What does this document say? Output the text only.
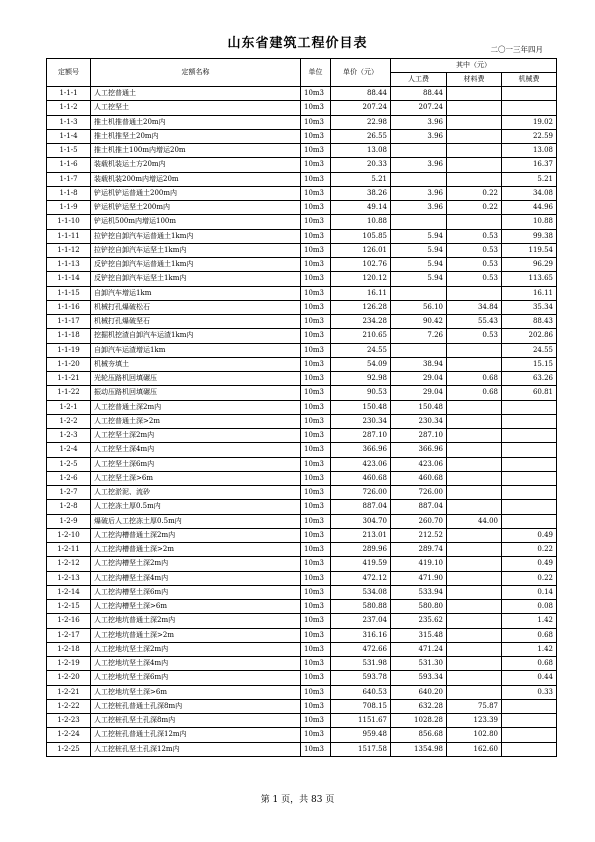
山东省建筑工程价目表	二〇一三年四月
定额号	定额名称	单位	单价（元）	其中（元）		
				人工费	材料费	机械费
1-1-1	人工挖普通土	10m3	88.44	88.44		
1-1-2	人工挖坚土	10m3	207.24	207.24		
1-1-3	推土机推普通土20m内	10m3	22.98	3.96		19.02
1-1-4	推土机推坚土20m内	10m3	26.55	3.96		22.59
1-1-5	推土机推土100m内增运20m	10m3	13.08			13.08
1-1-6	装载机装运土方20m内	10m3	20.33	3.96		16.37
1-1-7	装载机装200m内增运20m	10m3	5.21			5.21
1-1-8	铲运机铲运普通土200m内	10m3	38.26	3.96	0.22	34.08
1-1-9	铲运机铲运坚土200m内	10m3	49.14	3.96	0.22	44.96
1-1-10	铲运机500m内增运100m	10m3	10.88			10.88
1-1-11	拉铲挖自卸汽车运普通土1km内	10m3	105.85	5.94	0.53	99.38
1-1-12	拉铲挖自卸汽车运坚土1km内	10m3	126.01	5.94	0.53	119.54
1-1-13	反铲挖自卸汽车运普通土1km内	10m3	102.76	5.94	0.53	96.29
1-1-14	反铲挖自卸汽车运坚土1km内	10m3	120.12	5.94	0.53	113.65
1-1-15	自卸汽车增运1km	10m3	16.11			16.11
1-1-16	机械打孔爆破松石	10m3	126.28	56.10	34.84	35.34
1-1-17	机械打孔爆破坚石	10m3	234.28	90.42	55.43	88.43
1-1-18	挖掘机挖渣自卸汽车运渣1km内	10m3	210.65	7.26	0.53	202.86
1-1-19	自卸汽车运渣增运1km	10m3	24.55			24.55
1-1-20	机械夯填土	10m3	54.09	38.94		15.15
1-1-21	光轮压路机回填碾压	10m3	92.98	29.04	0.68	63.26
1-1-22	振动压路机回填碾压	10m3	90.53	29.04	0.68	60.81
1-2-1	人工挖普通土深2m内	10m3	150.48	150.48		
1-2-2	人工挖普通土深>2m	10m3	230.34	230.34		
1-2-3	人工挖坚土深2m内	10m3	287.10	287.10		
1-2-4	人工挖坚土深4m内	10m3	366.96	366.96		
1-2-5	人工挖坚土深6m内	10m3	423.06	423.06		
1-2-6	人工挖坚土深>6m	10m3	460.68	460.68		
1-2-7	人工挖淤泥、流砂	10m3	726.00	726.00		
1-2-8	人工挖冻土厚0.5m内	10m3	887.04	887.04		
1-2-9	爆破后人工挖冻土厚0.5m内	10m3	304.70	260.70	44.00	
1-2-10	人工挖沟槽普通土深2m内	10m3	213.01	212.52		0.49
1-2-11	人工挖沟槽普通土深>2m	10m3	289.96	289.74		0.22
1-2-12	人工挖沟槽坚土深2m内	10m3	419.59	419.10		0.49
1-2-13	人工挖沟槽坚土深4m内	10m3	472.12	471.90		0.22
1-2-14	人工挖沟槽坚土深6m内	10m3	534.08	533.94		0.14
1-2-15	人工挖沟槽坚土深>6m	10m3	580.88	580.80		0.08
1-2-16	人工挖地坑普通土深2m内	10m3	237.04	235.62		1.42
1-2-17	人工挖地坑普通土深>2m	10m3	316.16	315.48		0.68
1-2-18	人工挖地坑坚土深2m内	10m3	472.66	471.24		1.42
1-2-19	人工挖地坑坚土深4m内	10m3	531.98	531.30		0.68
1-2-20	人工挖地坑坚土深6m内	10m3	593.78	593.34		0.44
1-2-21	人工挖地坑坚土深>6m	10m3	640.53	640.20		0.33
1-2-22	人工挖桩孔普通土孔深8m内	10m3	708.15	632.28	75.87	
1-2-23	人工挖桩孔坚土孔深8m内	10m3	1151.67	1028.28	123.39	
1-2-24	人工挖桩孔普通土孔深12m内	10m3	959.48	856.68	102.80	
1-2-25	人工挖桩孔坚土孔深12m内	10m3	1517.58	1354.98	162.60	
第 1 页，共 83 页
